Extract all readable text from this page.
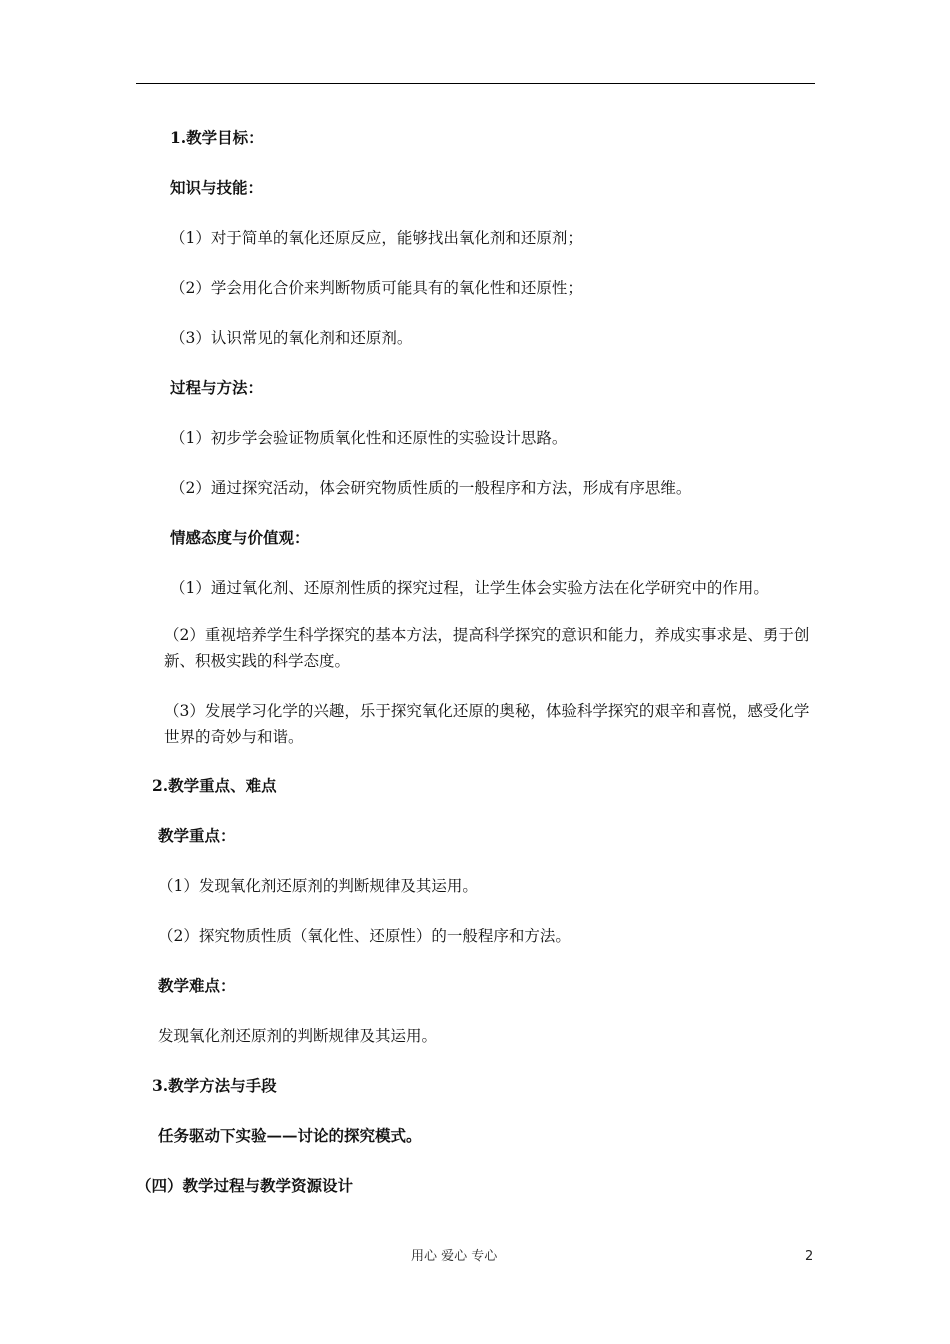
1.教学目标：
知识与技能：
（1）对于简单的氧化还原反应，能够找出氧化剂和还原剂；
（2）学会用化合价来判断物质可能具有的氧化性和还原性；
（3）认识常见的氧化剂和还原剂。
过程与方法：
（1）初步学会验证物质氧化性和还原性的实验设计思路。
（2）通过探究活动，体会研究物质性质的一般程序和方法，形成有序思维。
情感态度与价值观：
（1）通过氧化剂、还原剂性质的探究过程，让学生体会实验方法在化学研究中的作用。
（2）重视培养学生科学探究的基本方法，提高科学探究的意识和能力，养成实事求是、勇于创新、积极实践的科学态度。
（3）发展学习化学的兴趣，乐于探究氧化还原的奥秘，体验科学探究的艰辛和喜悦，感受化学世界的奇妙与和谐。
2.教学重点、难点
教学重点：
（1）发现氧化剂还原剂的判断规律及其运用。
（2）探究物质性质（氧化性、还原性）的一般程序和方法。
教学难点：
发现氧化剂还原剂的判断规律及其运用。
3.教学方法与手段
任务驱动下实验——讨论的探究模式。
（四）教学过程与教学资源设计
用心 爱心 专心	2
